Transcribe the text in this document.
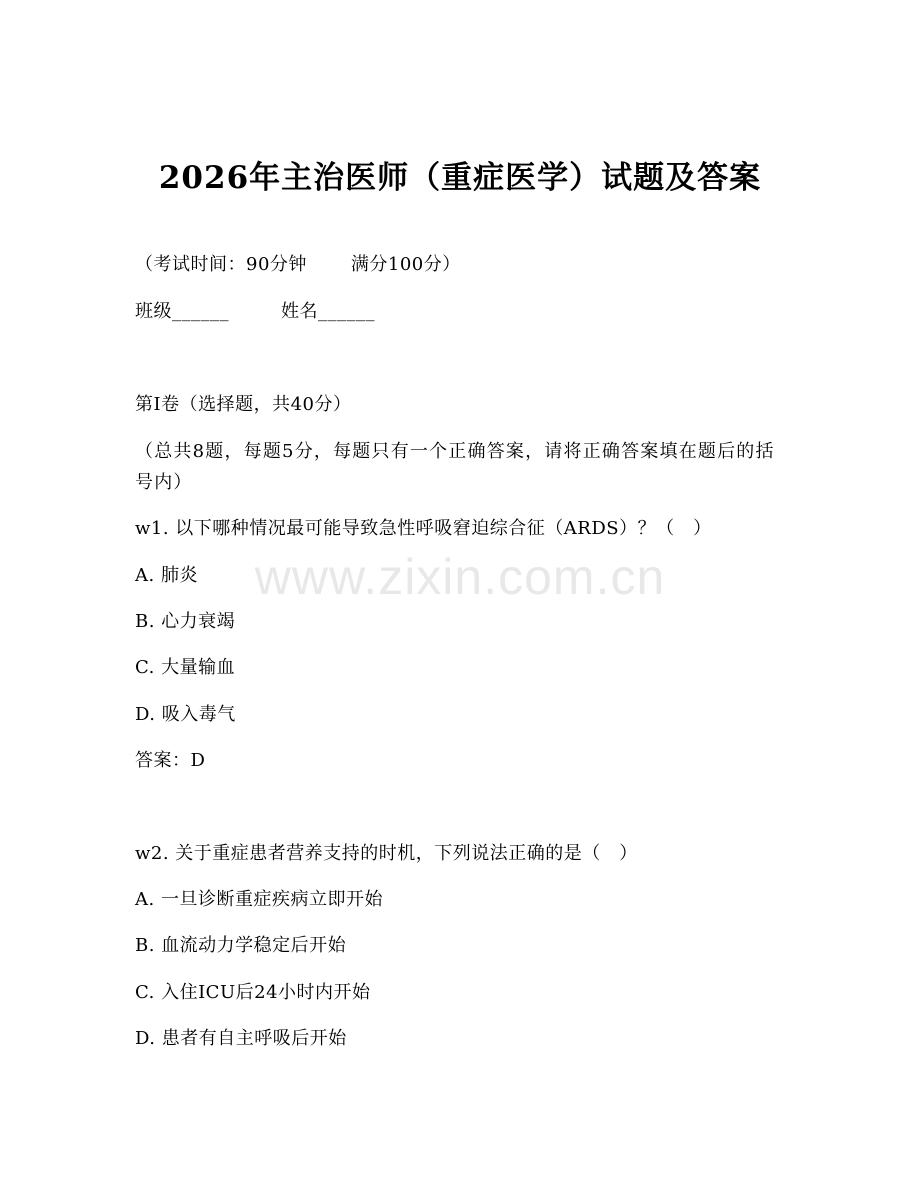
2026年主治医师（重症医学）试题及答案
（考试时间：90分钟 满分100分）
班级______	姓名______
第I卷（选择题，共40分）
（总共8题，每题5分，每题只有一个正确答案，请将正确答案填在题后的括号内）
w1. 以下哪种情况最可能导致急性呼吸窘迫综合征（ARDS）？（　）
A. 肺炎
B. 心力衰竭
C. 大量输血
D. 吸入毒气
答案：D
w2. 关于重症患者营养支持的时机，下列说法正确的是（　）
A. 一旦诊断重症疾病立即开始
B. 血流动力学稳定后开始
C. 入住ICU后24小时内开始
D. 患者有自主呼吸后开始
www.zixin.com.cn
